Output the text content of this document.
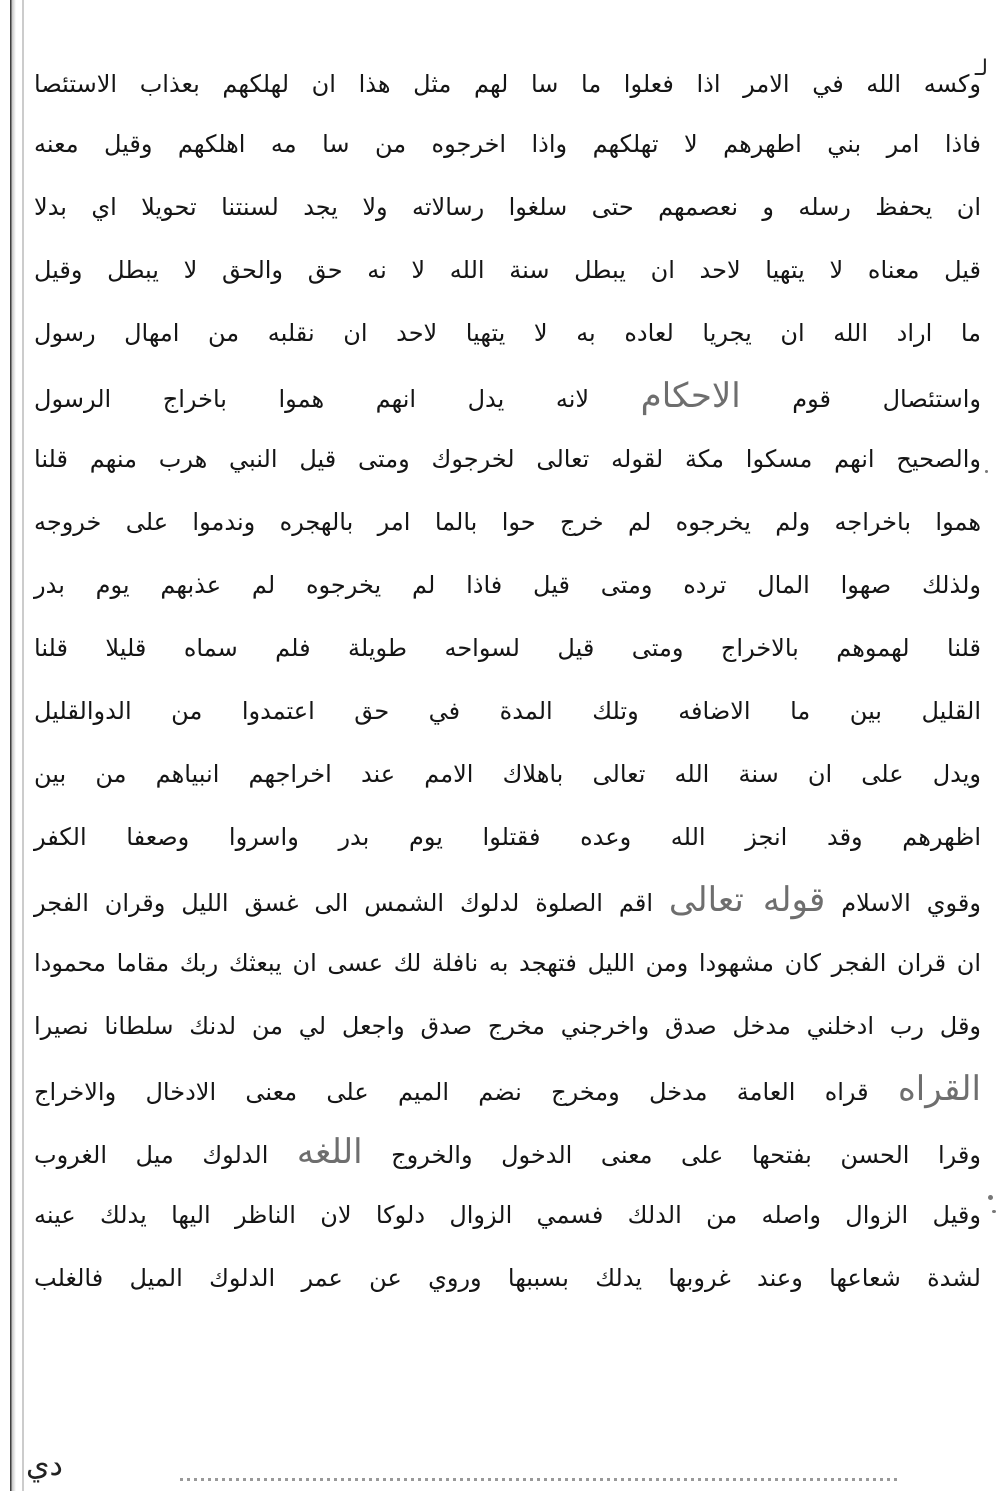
ﻟـ
وكسه الله في الامر اذا فعلوا ما سا لهم مثل هذا ان لهلكهم بعذاب الاستئصا
فاذا امر بني اطهرهم لا تهلكهم واذا اخرجوه من سا مه اهلكهم وقيل معنه
ان يحفظ رسله و نعصمهم حتى سلغوا رسالاته ولا يجد لسنتنا تحويلا اي بدلا
قيل معناه لا يتهيا لاحد ان يبطل سنة الله لا نه حق والحق لا يبطل وقيل
ما اراد الله ان يجريا لعاده به لا يتهيا لاحد ان نقلبه من امهال رسول
واستئصال قوم الاحكام لانه يدل انهم هموا باخراج الرسول
والصحيح انهم مسكوا مكة لقوله تعالى لخرجوك ومتى قيل النبي هرب منهم قلنا
هموا باخراجه ولم يخرجوه لم خرج حوا بالما امر بالهجره وندموا على خروجه
ولذلك صهوا المال ترده ومتى قيل فاذا لم يخرجوه لم عذبهم يوم بدر
قلنا لهموهم بالاخراج ومتى قيل لسواحه طويلة فلم سماه قليلا قلنا
القليل بين ما الاضافه وتلك المدة في حق اعتمدوا من الدوالقليل
ويدل على ان سنة الله تعالى باهلاك الامم عند اخراجهم انبياهم من بين
اظهرهم وقد انجز الله وعده فقتلوا يوم بدر واسروا وصعفا الكفر
وقوي الاسلام قوله تعالى اقم الصلوة لدلوك الشمس الى غسق الليل وقران الفجر
ان قران الفجر كان مشهودا ومن الليل فتهجد به نافلة لك عسى ان يبعثك ربك مقاما محمودا
وقل رب ادخلني مدخل صدق واخرجني مخرج صدق واجعل لي من لدنك سلطانا نصيرا
القراه قراه العامة مدخل ومخرج نضم الميم على معنى الادخال والاخراج
وقرا الحسن بفتحها على معنى الدخول والخروج اللغه الدلوك ميل الغروب
وقيل الزوال واصله من الدلك فسمي الزوال دلوكا لان الناظر اليها يدلك عينه
لشدة شعاعها وعند غروبها يدلك بسببها وروي عن عمر الدلوك الميل فالغلب
دي
